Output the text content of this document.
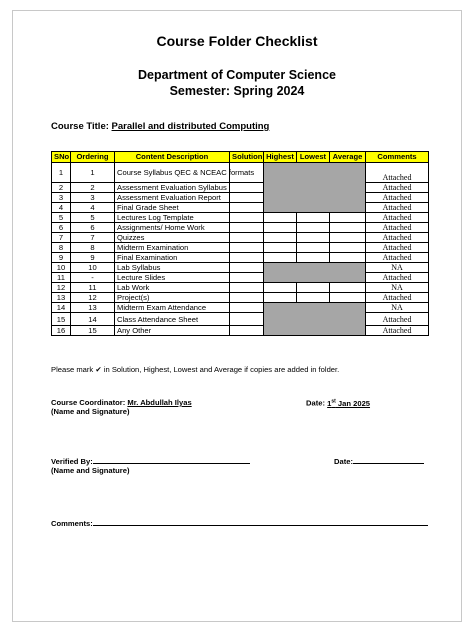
Course Folder Checklist
Department of Computer Science
Semester: Spring 2024
Course Title: Parallel and distributed Computing
SNo	Ordering	Content Description	Solution	Highest	Lowest	Average	Comments
1	1	Course Syllabus QEC & NCEAC formats					Attached
2	2	Assessment Evaluation Syllabus					Attached
3	3	Assessment Evaluation Report					Attached
4	4	Final Grade Sheet					Attached
5	5	Lectures Log Template					Attached
6	6	Assignments/ Home Work					Attached
7	7	Quizzes					Attached
8	8	Midterm Examination					Attached
9	9	Final Examination					Attached
10	10	Lab Syllabus					NA
11	-	Lecture Slides					Attached
12	11	Lab Work					NA
13	12	Project(s)					Attached
14	13	Midterm Exam Attendance					NA
15	14	Class Attendance Sheet					Attached
16	15	Any Other					Attached
Please mark ✔ in Solution, Highest, Lowest and Average if copies are added in folder.
Course Coordinator: Mr. Abdullah Ilyas
(Name and Signature)
Date: 1st Jan 2025
Verified By:
(Name and Signature)
Date:
Comments:
